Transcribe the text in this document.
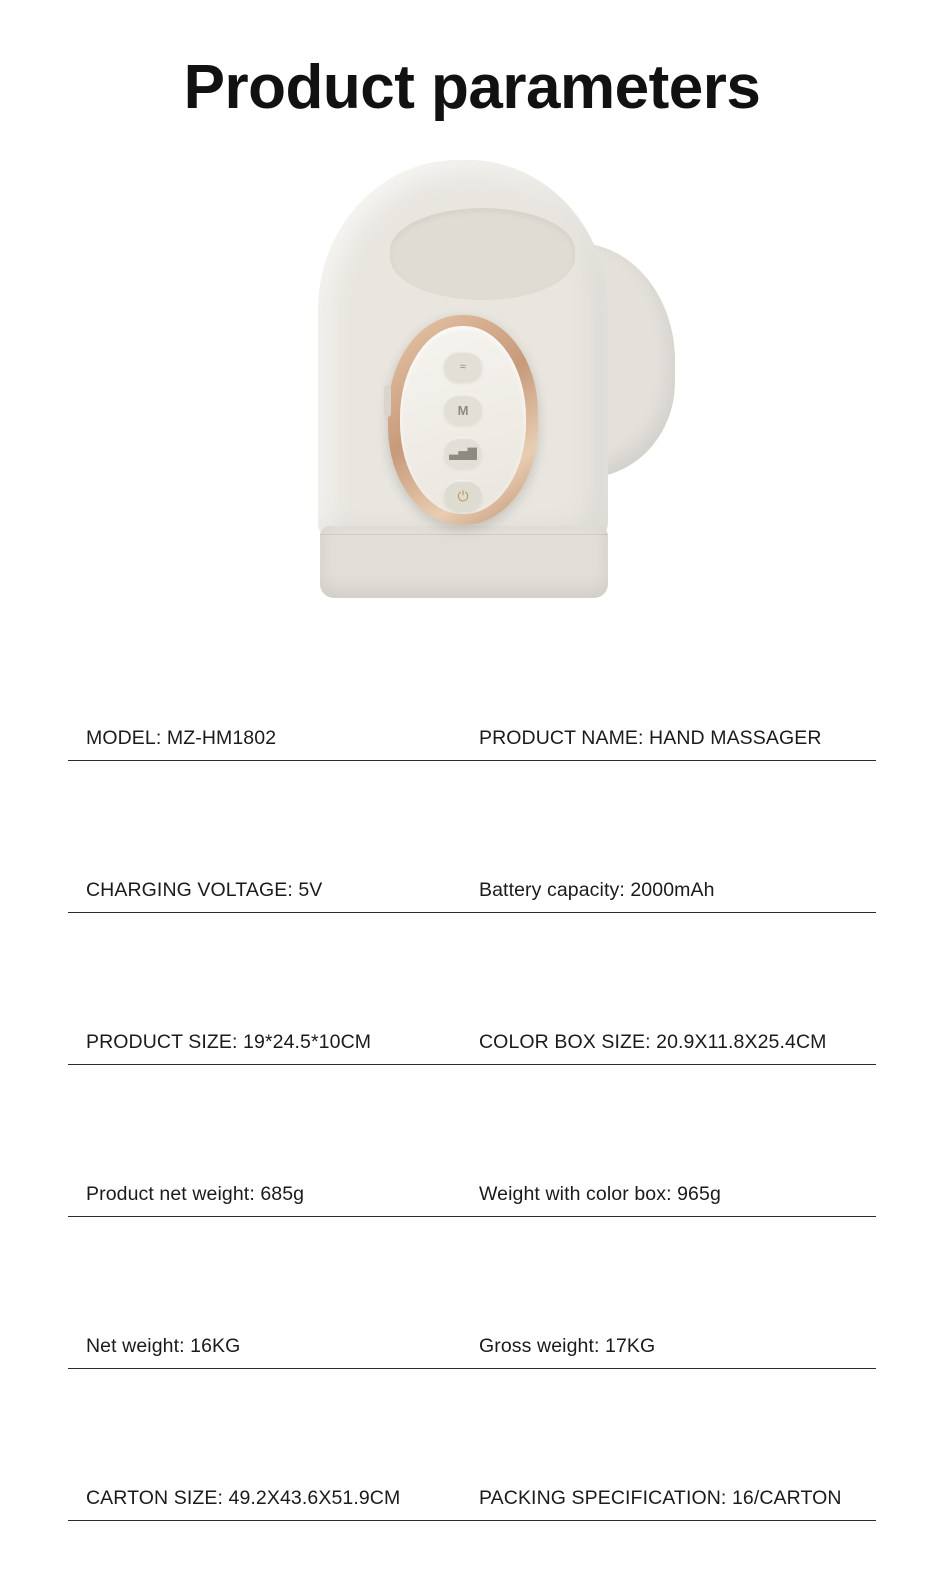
Product parameters
≈
M
▃▅▇
⏻
MODEL: MZ-HM1802	PRODUCT NAME: HAND MASSAGER
CHARGING VOLTAGE: 5V	Battery capacity: 2000mAh
PRODUCT SIZE: 19*24.5*10CM	COLOR BOX SIZE: 20.9X11.8X25.4CM
Product net weight: 685g	Weight with color box: 965g
Net weight: 16KG	Gross weight: 17KG
CARTON SIZE: 49.2X43.6X51.9CM	PACKING SPECIFICATION: 16/CARTON
